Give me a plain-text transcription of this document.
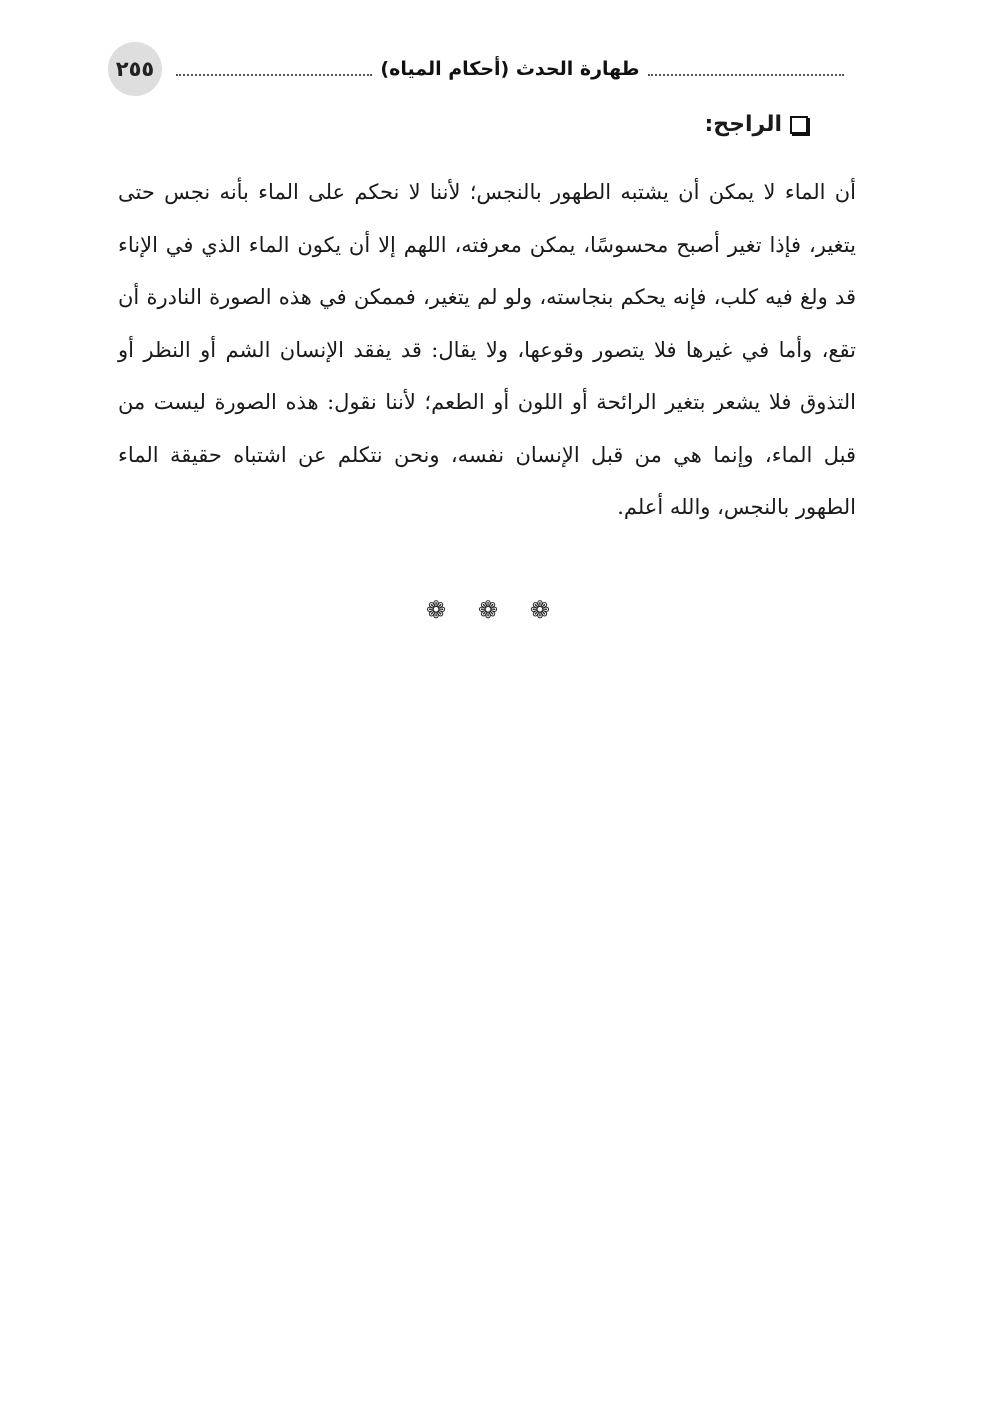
٢٥٥	طهارة الحدث (أحكام المياه)
الراجح:

أن الماء لا يمكن أن يشتبه الطهور بالنجس؛ لأننا لا نحكم على الماء بأنه نجس حتى يتغير، فإذا تغير أصبح محسوسًا، يمكن معرفته، اللهم إلا أن يكون الماء الذي في الإناء قد ولغ فيه كلب، فإنه يحكم بنجاسته، ولو لم يتغير، فممكن في هذه الصورة النادرة أن تقع، وأما في غيرها فلا يتصور وقوعها، ولا يقال: قد يفقد الإنسان الشم أو النظر أو التذوق فلا يشعر بتغير الرائحة أو اللون أو الطعم؛ لأننا نقول: هذه الصورة ليست من قبل الماء، وإنما هي من قبل الإنسان نفسه، ونحن نتكلم عن اشتباه حقيقة الماء الطهور بالنجس، والله أعلم.

❁ ❁ ❁
